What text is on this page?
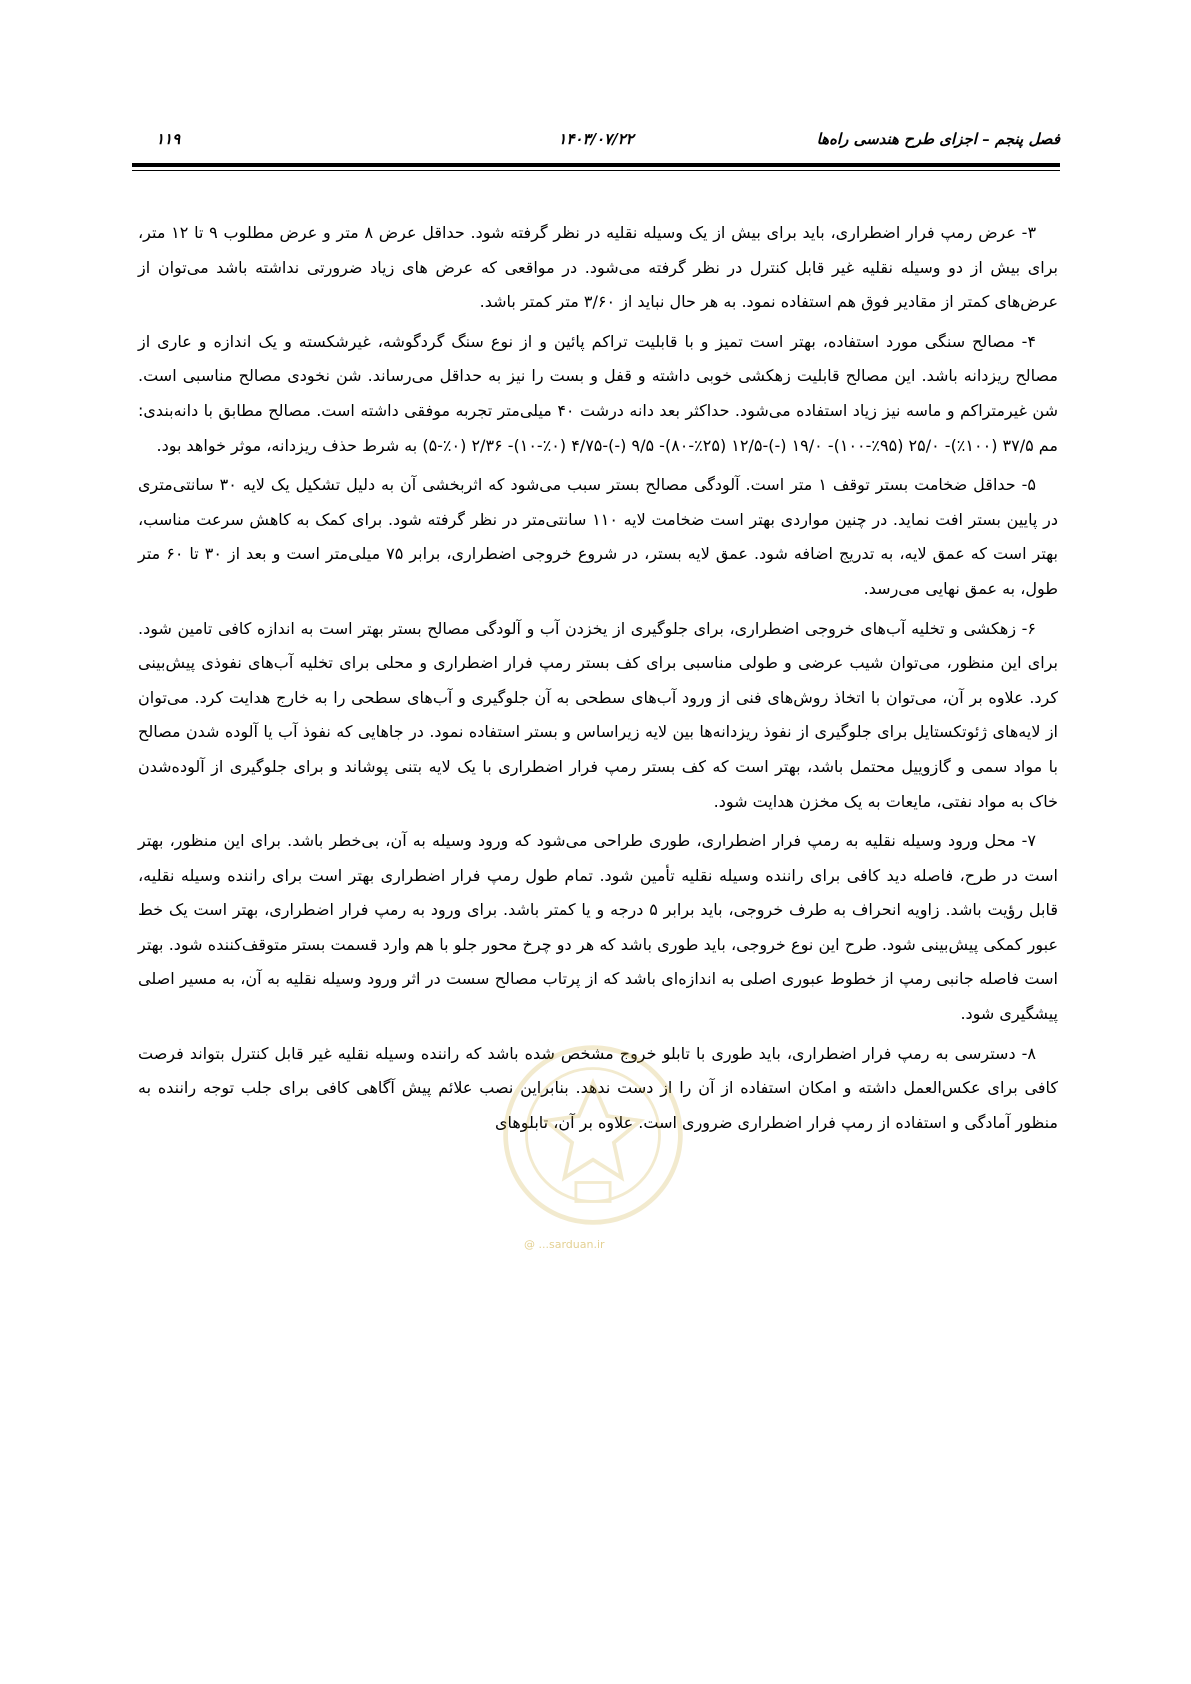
فصل پنجم – اجزای طرح هندسی راه‌ها
۱۴۰۳/۰۷/۲۲
۱۱۹

۳- عرض رمپ فرار اضطراری، باید برای بیش از یک وسیله نقلیه در نظر گرفته شود. حداقل عرض ۸ متر و عرض مطلوب ۹ تا ۱۲ متر، برای بیش از دو وسیله نقلیه غیر قابل کنترل در نظر گرفته می‌شود. در مواقعی که عرض های زیاد ضرورتی نداشته باشد می‌توان از عرض‌های کمتر از مقادیر فوق هم استفاده نمود. به هر حال نباید از ۳/۶۰ متر کمتر باشد.

۴- مصالح سنگی مورد استفاده، بهتر است تمیز و با قابلیت تراکم پائین و از نوع سنگ گردگوشه، غیرشکسته و یک اندازه و عاری از مصالح ریزدانه باشد. این مصالح قابلیت زهکشی خوبی داشته و قفل و بست را نیز به حداقل می‌رساند. شن نخودی مصالح مناسبی است. شن غیرمتراکم و ماسه نیز زیاد استفاده می‌شود. حداکثر بعد دانه درشت ۴۰ میلی‌متر تجربه موفقی داشته است. مصالح مطابق با دانه‌بندی: مم ۳۷/۵ (۱۰۰٪)- ۲۵/۰ (۹۵٪-۱۰۰)- ۱۹/۰ (-)-۱۲/۵ (۲۵٪-۸۰)- ۹/۵ (-)-۴/۷۵ (۰٪-۱۰)- ۲/۳۶ (۰٪-۵) به شرط حذف ریزدانه، موثر خواهد بود.

۵- حداقل ضخامت بستر توقف ۱ متر است. آلودگی مصالح بستر سبب می‌شود که اثربخشی آن به دلیل تشکیل یک لایه ۳۰ سانتی‌متری در پایین بستر افت نماید. در چنین مواردی بهتر است ضخامت لایه ۱۱۰ سانتی‌متر در نظر گرفته شود. برای کمک به کاهش سرعت مناسب، بهتر است که عمق لایه، به تدریج اضافه شود. عمق لایه بستر، در شروع خروجی اضطراری، برابر ۷۵ میلی‌متر است و بعد از ۳۰ تا ۶۰ متر طول، به عمق نهایی می‌رسد.

۶- زهکشی و تخلیه آب‌های خروجی اضطراری، برای جلوگیری از یخزدن آب و آلودگی مصالح بستر بهتر است به اندازه کافی تامین شود. برای این منظور، می‌توان شیب عرضی و طولی مناسبی برای کف بستر رمپ فرار اضطراری و محلی برای تخلیه آب‌های نفوذی پیش‌بینی کرد. علاوه بر آن، می‌توان با اتخاذ روش‌های فنی از ورود آب‌های سطحی به آن جلوگیری و آب‌های سطحی را به خارج هدایت کرد. می‌توان از لایه‌های ژئوتکستایل برای جلوگیری از نفوذ ریزدانه‌ها بین لایه زیراساس و بستر استفاده نمود. در جاهایی که نفوذ آب یا آلوده شدن مصالح با مواد سمی و گازوییل محتمل باشد، بهتر است که کف بستر رمپ فرار اضطراری با یک لایه بتنی پوشاند و برای جلوگیری از آلوده‌شدن خاک به مواد نفتی، مایعات به یک مخزن هدایت شود.

۷- محل ورود وسیله نقلیه به رمپ فرار اضطراری، طوری طراحی می‌شود که ورود وسیله به آن، بی‌خطر باشد. برای این منظور، بهتر است در طرح، فاصله دید کافی برای راننده وسیله نقلیه تأمین شود. تمام طول رمپ فرار اضطراری بهتر است برای راننده وسیله نقلیه، قابل رؤیت باشد. زاویه انحراف به طرف خروجی، باید برابر ۵ درجه و یا کمتر باشد. برای ورود به رمپ فرار اضطراری، بهتر است یک خط عبور کمکی پیش‌بینی شود. طرح این نوع خروجی، باید طوری باشد که هر دو چرخ محور جلو با هم وارد قسمت بستر متوقف‌کننده شود. بهتر است فاصله جانبی رمپ از خطوط عبوری اصلی به اندازه‌ای باشد که از پرتاب مصالح سست در اثر ورود وسیله نقلیه به آن، به مسیر اصلی پیشگیری شود.

۸- دسترسی به رمپ فرار اضطراری، باید طوری با تابلو خروج مشخص شده باشد که راننده وسیله نقلیه غیر قابل کنترل بتواند فرصت کافی برای عکس‌العمل داشته و امکان استفاده از آن را از دست ندهد. بنابراین نصب علائم پیش آگاهی کافی برای جلب توجه راننده به منظور آمادگی و استفاده از رمپ فرار اضطراری ضروری است. علاوه بر آن، تابلوهای

@ ...sarduan.ir
